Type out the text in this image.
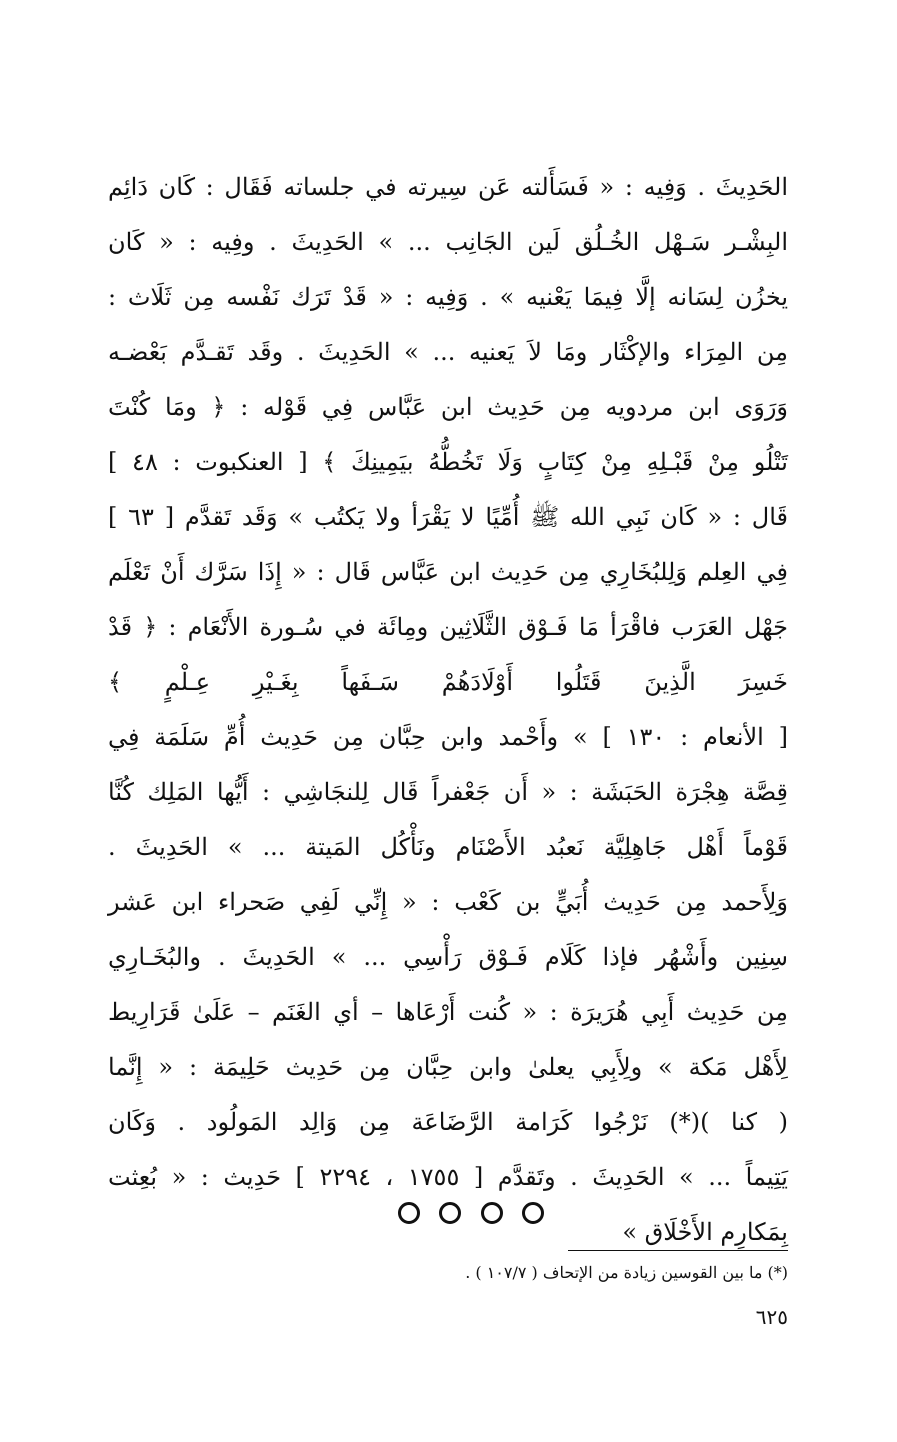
الحَدِيثَ . وَفِيه : « فَسَأَلته عَن سِيرته في جلساته فَقَال : كَان دَائِم
البِشْـر سَـهْل الخُـلُق لَين الجَانِب ... » الحَدِيثَ . وفِيه : « كَان
يخزُن لِسَانه إلَّا فِيمَا يَعْنيه » . وَفِيه : « قَدْ تَرَك نَفْسه مِن ثَلَاث :
مِن المِرَاء والإكْثَار ومَا لاَ يَعنيه ... » الحَدِيثَ . وقَد تَقـدَّم بَعْضـه
وَرَوَى ابن مردويه مِن حَدِيث ابن عَبَّاس فِي قَوْله : ﴿ ومَا كُنْتَ
تَتْلُو مِنْ قَبْـلِهِ مِنْ كِتَابٍ وَلَا تَخُطُّهُ بيَمِينِكَ ﴾ [ العنكبوت : ٤٨ ]
قَال : « كَان نَبِي الله ﷺ أُمِّيًا لا يَقْرَأ ولا يَكتُب » وَقَد تَقدَّم [ ٦٣ ]
فِي العِلم وَلِلبُخَارِي مِن حَدِيث ابن عَبَّاس قَال : « إِذَا سَرَّك أَنْ تَعْلَم
جَهْل العَرَب فاقْرَأ مَا فَـوْق الثَّلَاثِين ومِائَة في سُـورة الأَنْعَام : ﴿ قَدْ
خَسِرَ الَّذِينَ قَتَلُوا أَوْلَادَهُمْ سَـفَهاً بِغَـيْرِ عِـلْمٍ ﴾
[ الأنعام : ١٣٠ ] » وأَحْمد وابن حِبَّان مِن حَدِيث أُمِّ سَلَمَة فِي
قِصَّة هِجْرَة الحَبَشَة : « أَن جَعْفراً قَال لِلنجَاشِي : أَيُّها المَلِك كُنَّا
قَوْماً أَهْل جَاهِلِيَّة نَعبُد الأَصْنَام ونَأْكُل المَيتة ... » الحَدِيثَ .
وَلِأَحمد مِن حَدِيث أُبَيٍّ بن كَعْب : « إِنِّي لَفِي صَحراء ابن عَشر
سِنِين وأَشْهُر فإذا كَلَام فَـوْق رَأْسِي ... » الحَدِيثَ . والبُخَـارِي
مِن حَدِيث أَبِي هُرَيرَة : « كُنت أَرْعَاها – أي الغَنَم – عَلَىٰ قَرَارِيط
لِأَهْل مَكة » ولِأَبِي يعلىٰ وابن حِبَّان مِن حَدِيث حَلِيمَة : « إِنَّما
( كنا )(*) نَرْجُوا كَرَامة الرَّضَاعَة مِن وَالِد المَولُود . وَكَان
يَتِيماً ... » الحَدِيثَ . وتَقدَّم [ ١٧٥٥ ، ٢٢٩٤ ] حَدِيث : « بُعِثت
بِمَكارِم الأَخْلَاق »
(*) ما بين القوسين زيادة من الإتحاف ( ١٠٧/٧ ) .
٦٢٥
